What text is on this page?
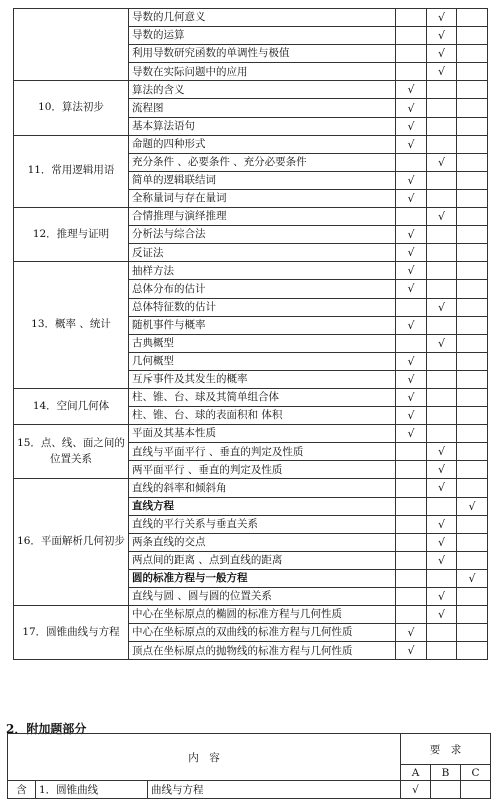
	导数的几何意义		√	
	导数的运算		√	
	利用导数研究函数的单调性与极值		√	
	导数在实际问题中的应用		√	
10．算法初步	算法的含义	√		
	流程图	√		
	基本算法语句	√		
11．常用逻辑用语	命题的四种形式	√		
	充分条件 、必要条件 、充分必要条件		√	
	简单的逻辑联结词	√		
	全称量词与存在量词	√		
12．推理与证明	合情推理与演绎推理		√	
	分析法与综合法	√		
	反证法	√		
13．概率 、统计	抽样方法	√		
	总体分布的估计	√		
	总体特征数的估计		√	
	随机事件与概率	√		
	古典概型		√	
	几何概型	√		
	互斥事件及其发生的概率	√		
14．空间几何体	柱、锥、台、球及其简单组合体	√		
	柱、锥、台、球的表面积和 体积	√		
15．点、线、面之间的位置关系	平面及其基本性质	√		
	直线与平面平行 、垂直的判定及性质		√	
	两平面平行 、垂直的判定及性质		√	
16．平面解析几何初步	直线的斜率和倾斜角		√	
	直线方程			√
	直线的平行关系与垂直关系		√	
	两条直线的交点		√	
	两点间的距离 、点到直线的距离		√	
	圆的标准方程与一般方程			√
	直线与圆 、圆与圆的位置关系		√	
17．圆锥曲线与方程	中心在坐标原点的椭圆的标准方程与几何性质		√	
	中心在坐标原点的双曲线的标准方程与几何性质	√		
	顶点在坐标原点的抛物线的标准方程与几何性质	√		
2．附加题部分
内　容			要　求		
			A	B	C
含	1．圆锥曲线	曲线与方程	√		
